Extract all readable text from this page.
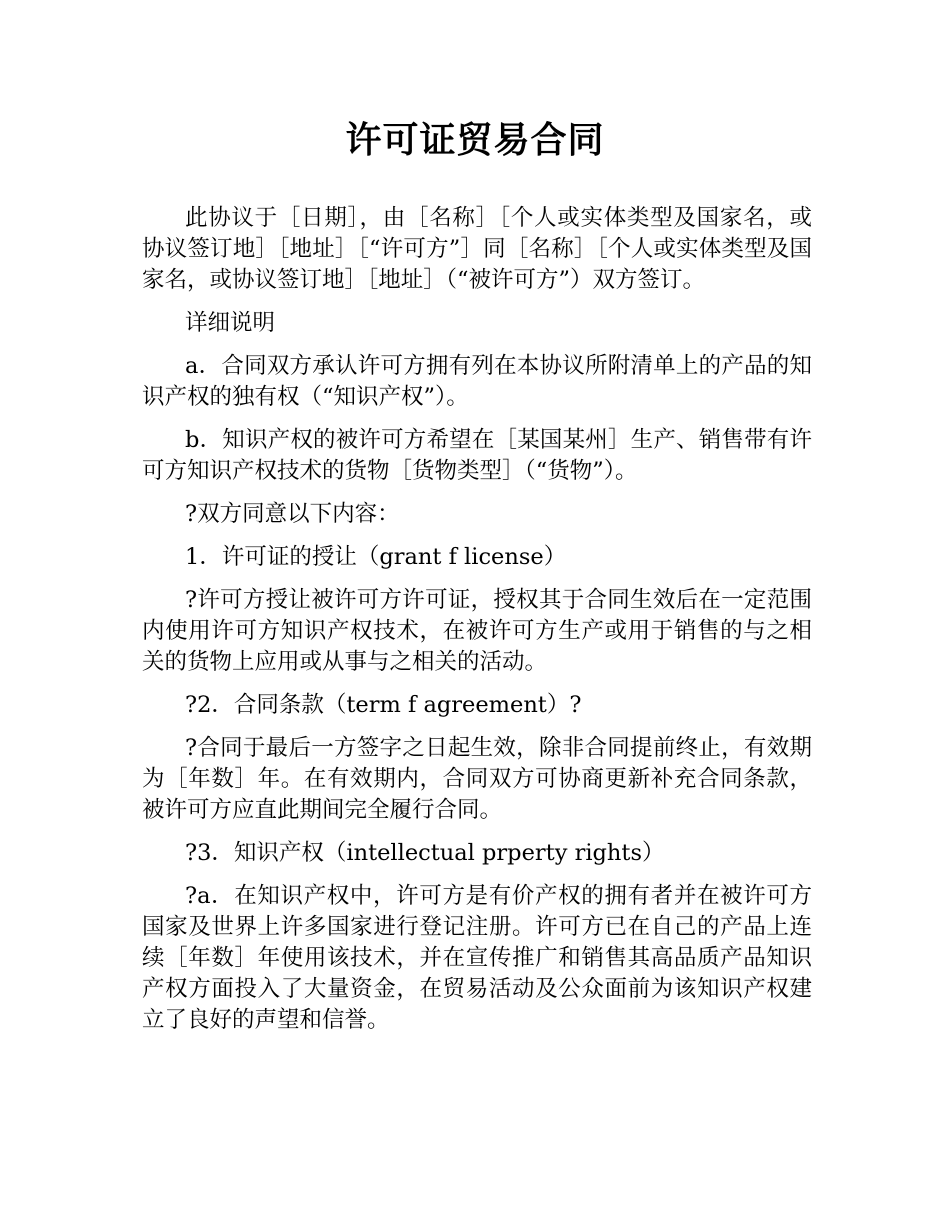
许可证贸易合同

此协议于［日期］，由［名称］［个人或实体类型及国家名，或协议签订地］［地址］［“许可方”］同［名称］［个人或实体类型及国家名，或协议签订地］［地址］（“被许可方”）双方签订。

详细说明

a．合同双方承认许可方拥有列在本协议所附清单上的产品的知识产权的独有权（“知识产权”）。

b．知识产权的被许可方希望在［某国某州］生产、销售带有许可方知识产权技术的货物［货物类型］（“货物”）。

?双方同意以下内容：

1．许可证的授让（grant f license）

?许可方授让被许可方许可证，授权其于合同生效后在一定范围内使用许可方知识产权技术，在被许可方生产或用于销售的与之相关的货物上应用或从事与之相关的活动。

?2．合同条款（term f agreement）?

?合同于最后一方签字之日起生效，除非合同提前终止，有效期为［年数］年。在有效期内，合同双方可协商更新补充合同条款，被许可方应直此期间完全履行合同。

?3．知识产权（intellectual prperty rights）

?a．在知识产权中，许可方是有价产权的拥有者并在被许可方国家及世界上许多国家进行登记注册。许可方已在自己的产品上连续［年数］年使用该技术，并在宣传推广和销售其高品质产品知识产权方面投入了大量资金，在贸易活动及公众面前为该知识产权建立了良好的声望和信誉。
